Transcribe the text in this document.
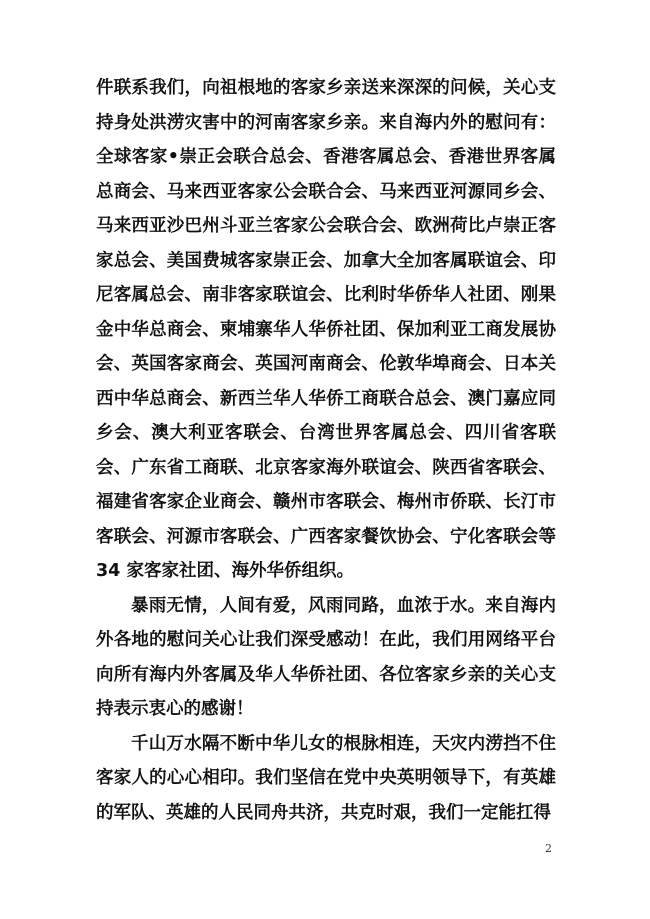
件联系我们，向祖根地的客家乡亲送来深深的问候，关心支持身处洪涝灾害中的河南客家乡亲。来自海内外的慰问有：全球客家•崇正会联合总会、香港客属总会、香港世界客属总商会、马来西亚客家公会联合会、马来西亚河源同乡会、马来西亚沙巴州斗亚兰客家公会联合会、欧洲荷比卢崇正客家总会、美国费城客家崇正会、加拿大全加客属联谊会、印尼客属总会、南非客家联谊会、比利时华侨华人社团、刚果金中华总商会、柬埔寨华人华侨社团、保加利亚工商发展协会、英国客家商会、英国河南商会、伦敦华埠商会、日本关西中华总商会、新西兰华人华侨工商联合总会、澳门嘉应同乡会、澳大利亚客联会、台湾世界客属总会、四川省客联会、广东省工商联、北京客家海外联谊会、陕西省客联会、福建省客家企业商会、赣州市客联会、梅州市侨联、长汀市客联会、河源市客联会、广西客家餐饮协会、宁化客联会等 34 家客家社团、海外华侨组织。

暴雨无情，人间有爱，风雨同路，血浓于水。来自海内外各地的慰问关心让我们深受感动！在此，我们用网络平台向所有海内外客属及华人华侨社团、各位客家乡亲的关心支持表示衷心的感谢！

千山万水隔不断中华儿女的根脉相连，天灾内涝挡不住客家人的心心相印。我们坚信在党中央英明领导下，有英雄的军队、英雄的人民同舟共济，共克时艰，我们一定能扛得

2
